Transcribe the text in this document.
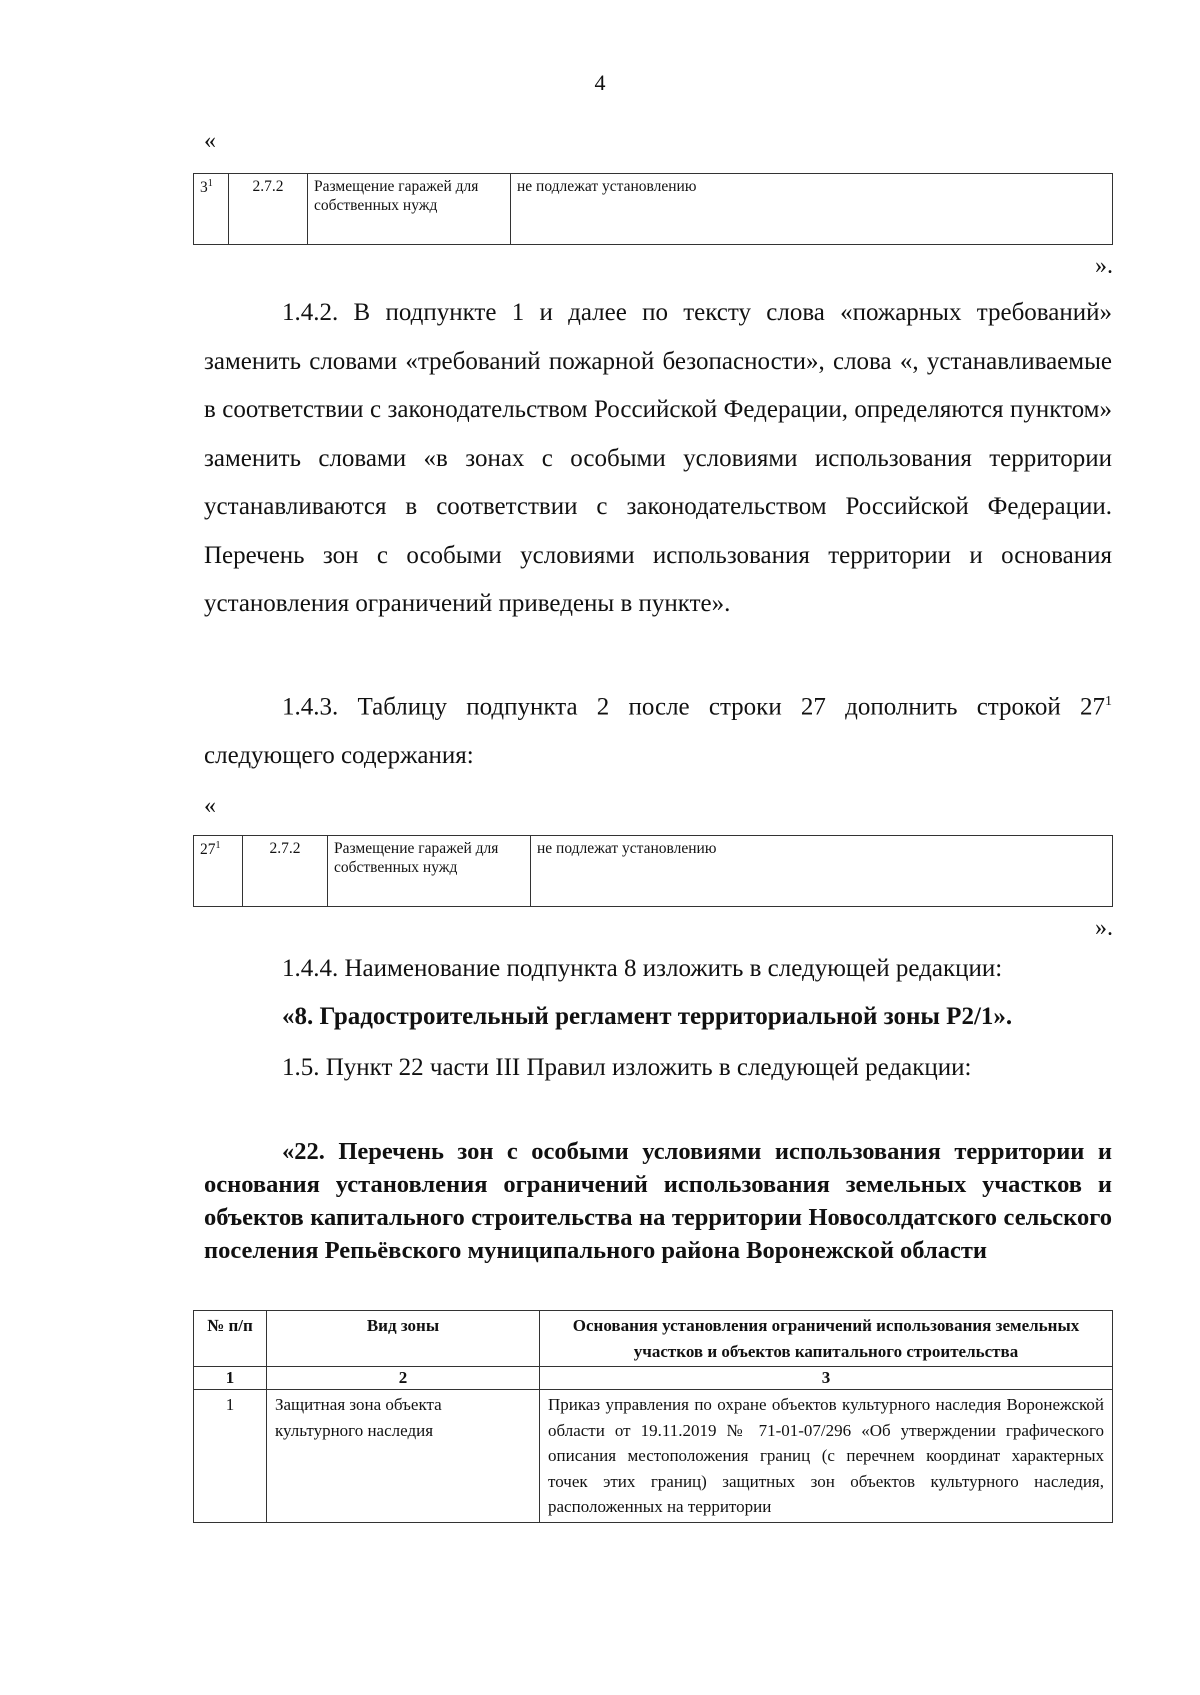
4
«
$3^1$	2.7.2	Размещение гаражей для собственных нужд	не подлежат установлению
».
1.4.2. В подпункте 1 и далее по тексту слова «пожарных требований» заменить словами «требований пожарной безопасности», слова «, устанавливаемые в соответствии с законодательством Российской Федерации, определяются пунктом» заменить словами «в зонах с особыми условиями использования территории устанавливаются в соответствии с законодательством Российской Федерации. Перечень зон с особыми условиями использования территории и основания установления ограничений приведены в пункте».
1.4.3. Таблицу подпункта 2 после строки 27 дополнить строкой $27^1$ следующего содержания:
«
$27^1$	2.7.2	Размещение гаражей для собственных нужд	не подлежат установлению
».
1.4.4. Наименование подпункта 8 изложить в следующей редакции:
«8. Градостроительный регламент территориальной зоны Р2/1».
1.5. Пункт 22 части III Правил изложить в следующей редакции:
«22. Перечень зон с особыми условиями использования территории и основания установления ограничений использования земельных участков и объектов капитального строительства на территории Новосолдатского сельского поселения Репьёвского муниципального района Воронежской области
№ п/п	Вид зоны	Основания установления ограничений использования земельных участков и объектов капитального строительства
1	2	3
1	Защитная зона объекта культурного наследия	Приказ управления по охране объектов культурного наследия Воронежской области от 19.11.2019 № 71-01-07/296 «Об утверждении графического описания местоположения границ (с перечнем координат характерных точек этих границ) защитных зон объектов культурного наследия, расположенных на территории
